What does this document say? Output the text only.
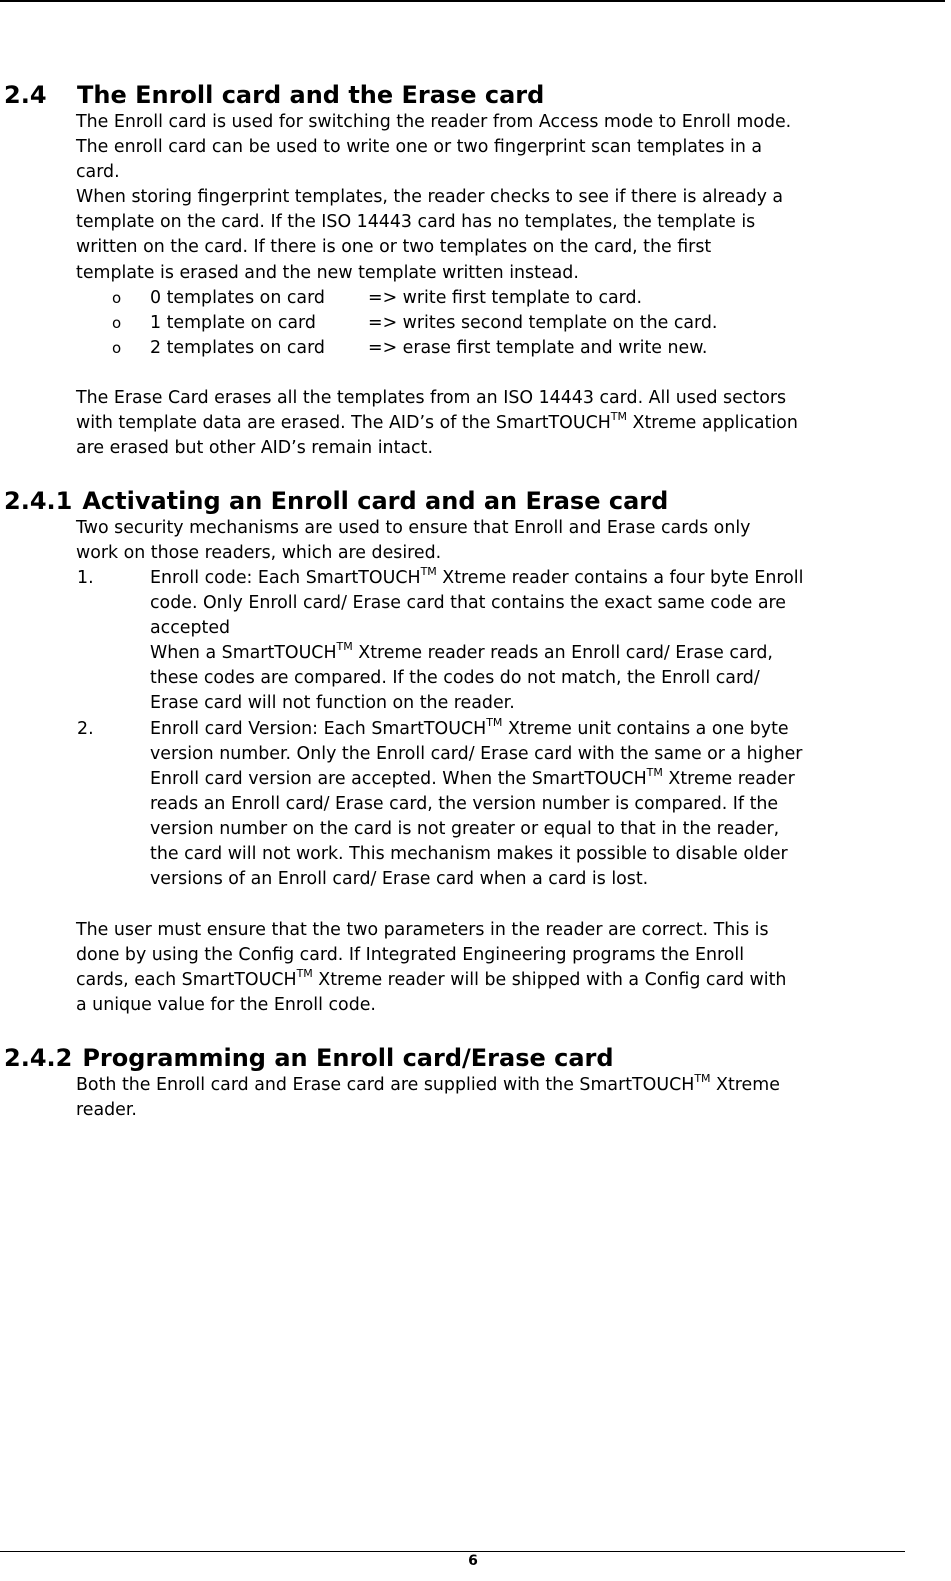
2.4 The Enroll card and the Erase card

The Enroll card is used for switching the reader from Access mode to Enroll mode.

The enroll card can be used to write one or two fingerprint scan templates in a

card.

When storing fingerprint templates, the reader checks to see if there is already a

template on the card. If the ISO 14443 card has no templates, the template is

written on the card. If there is one or two templates on the card, the first

template is erased and the new template written instead.

o 0 templates on card => write first template to card.
o 1 template on card	=> writes second template on the card.
o 2 templates on card => erase first template and write new.

The Erase Card erases all the templates from an ISO 14443 card. All used sectors

with template data are erased. The AID’s of the SmartTOUCH™ Xtreme application

are erased but other AID’s remain intact.

2.4.1 Activating an Enroll card and an Erase card

Two security mechanisms are used to ensure that Enroll and Erase cards only

work on those readers, which are desired.

1.	Enroll code: Each SmartTOUCH™ Xtreme reader contains a four byte Enroll

code. Only Enroll card/ Erase card that contains the exact same code are

accepted

When a SmartTOUCH™ Xtreme reader reads an Enroll card/ Erase card,

these codes are compared. If the codes do not match, the Enroll card/

Erase card will not function on the reader.

2.	Enroll card Version: Each SmartTOUCH™ Xtreme unit contains a one byte

version number. Only the Enroll card/ Erase card with the same or a higher

Enroll card version are accepted. When the SmartTOUCH™ Xtreme reader

reads an Enroll card/ Erase card, the version number is compared. If the

version number on the card is not greater or equal to that in the reader,

the card will not work. This mechanism makes it possible to disable older

versions of an Enroll card/ Erase card when a card is lost.

The user must ensure that the two parameters in the reader are correct. This is

done by using the Config card. If Integrated Engineering programs the Enroll

cards, each SmartTOUCH™ Xtreme reader will be shipped with a Config card with

a unique value for the Enroll code.

2.4.2 Programming an Enroll card/Erase card

Both the Enroll card and Erase card are supplied with the SmartTOUCH™ Xtreme

reader.

6
